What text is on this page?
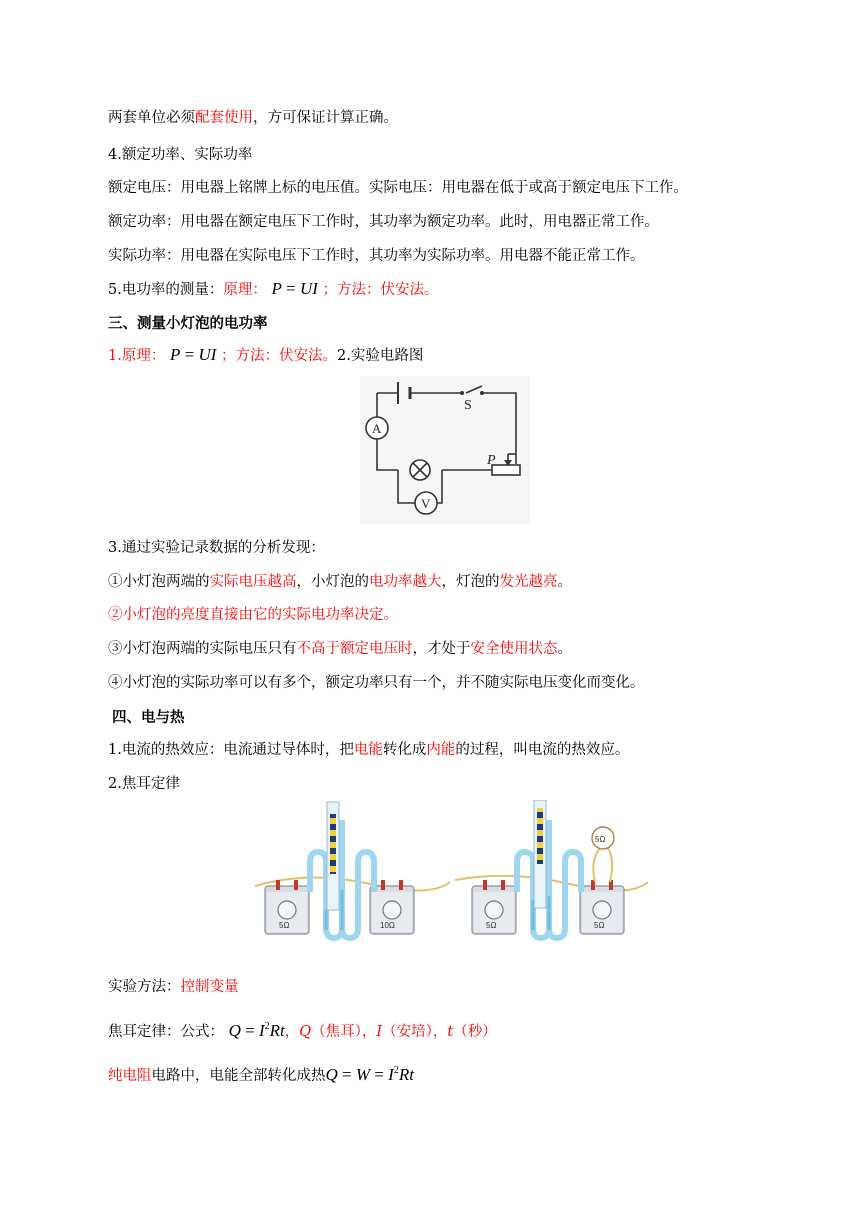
两套单位必须配套使用，方可保证计算正确。
4.额定功率、实际功率
额定电压：用电器上铭牌上标的电压值。实际电压：用电器在低于或高于额定电压下工作。
额定功率：用电器在额定电压下工作时，其功率为额定功率。此时，用电器正常工作。
实际功率：用电器在实际电压下工作时，其功率为实际功率。用电器不能正常工作。
5.电功率的测量：原理： P = UI ；方法：伏安法。
三、测量小灯泡的电功率
1.原理： P = UI ；方法：伏安法。2.实验电路图
S
A
V
P
3.通过实验记录数据的分析发现：
①小灯泡两端的实际电压越高，小灯泡的电功率越大，灯泡的发光越亮。
②小灯泡的亮度直接由它的实际电功率决定。
③小灯泡两端的实际电压只有不高于额定电压时，才处于安全使用状态。
④小灯泡的实际功率可以有多个，额定功率只有一个，并不随实际电压变化而变化。
四、电与热
1.电流的热效应：电流通过导体时，把电能转化成内能的过程，叫电流的热效应。
2.焦耳定律
5Ω	10Ω	5Ω	5Ω
5Ω
实验方法：控制变量
焦耳定律：公式： $Q = I^2Rt$，Q（焦耳），I（安培），t（秒）
纯电阻电路中，电能全部转化成热$Q = W = I^2Rt$
